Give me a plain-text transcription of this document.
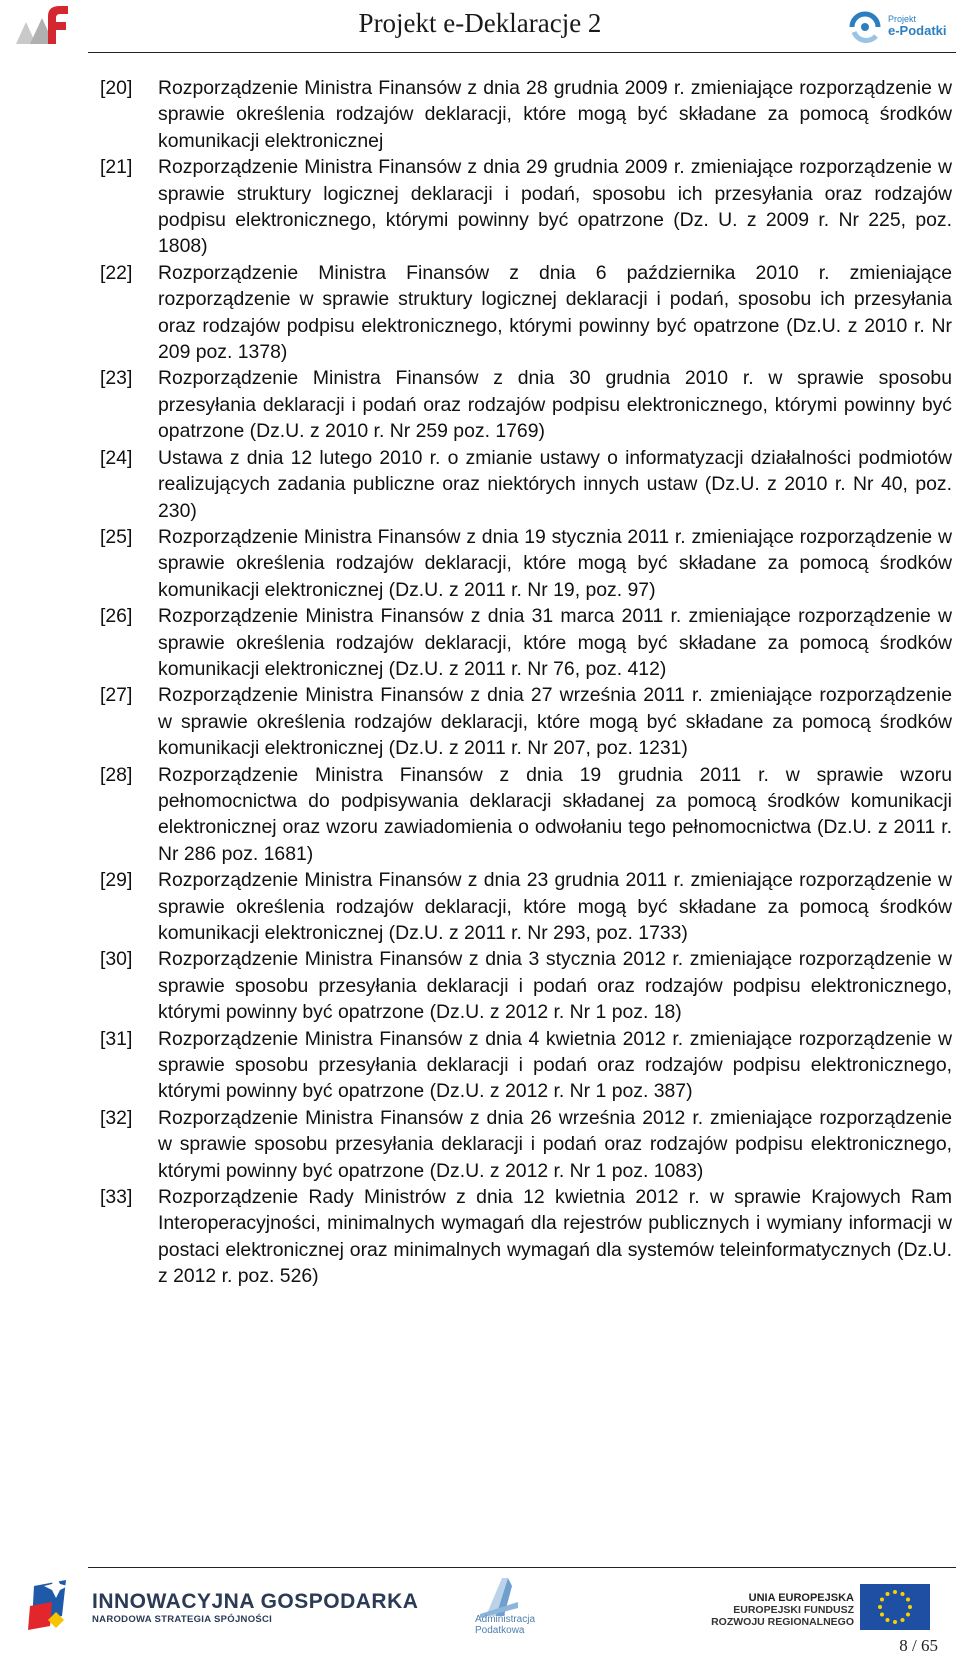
Projekt e-Deklaracje 2	Projekt
e-Podatki
[20]	Rozporządzenie Ministra Finansów z dnia 28 grudnia 2009 r. zmieniające rozporządzenie w sprawie określenia rodzajów deklaracji, które mogą być składane za pomocą środków komunikacji elektronicznej
[21]	Rozporządzenie Ministra Finansów z dnia 29 grudnia 2009 r. zmieniające rozporządzenie w sprawie struktury logicznej deklaracji i podań, sposobu ich przesyłania oraz rodzajów podpisu elektronicznego, którymi powinny być opatrzone (Dz. U. z 2009 r. Nr 225, poz. 1808)
[22]	Rozporządzenie Ministra Finansów z dnia 6 października 2010 r. zmieniające rozporządzenie w sprawie struktury logicznej deklaracji i podań, sposobu ich przesyłania oraz rodzajów podpisu elektronicznego, którymi powinny być opatrzone (Dz.U. z 2010 r. Nr 209 poz. 1378)
[23]	Rozporządzenie Ministra Finansów z dnia 30 grudnia 2010 r. w sprawie sposobu przesyłania deklaracji i podań oraz rodzajów podpisu elektronicznego, którymi powinny być opatrzone (Dz.U. z 2010 r. Nr 259 poz. 1769)
[24]	Ustawa z dnia 12 lutego 2010 r. o zmianie ustawy o informatyzacji działalności podmiotów realizujących zadania publiczne oraz niektórych innych ustaw (Dz.U. z 2010 r. Nr 40, poz. 230)
[25]	Rozporządzenie Ministra Finansów z dnia 19 stycznia 2011 r. zmieniające rozporządzenie w sprawie określenia rodzajów deklaracji, które mogą być składane za pomocą środków komunikacji elektronicznej (Dz.U. z 2011 r. Nr 19, poz. 97)
[26]	Rozporządzenie Ministra Finansów z dnia 31 marca 2011 r. zmieniające rozporządzenie w sprawie określenia rodzajów deklaracji, które mogą być składane za pomocą środków komunikacji elektronicznej (Dz.U. z 2011 r. Nr 76, poz. 412)
[27]	Rozporządzenie Ministra Finansów z dnia 27 września 2011 r. zmieniające rozporządzenie w sprawie określenia rodzajów deklaracji, które mogą być składane za pomocą środków komunikacji elektronicznej (Dz.U. z 2011 r. Nr 207, poz. 1231)
[28]	Rozporządzenie Ministra Finansów z dnia 19 grudnia 2011 r. w sprawie wzoru pełnomocnictwa do podpisywania deklaracji składanej za pomocą środków komunikacji elektronicznej oraz wzoru zawiadomienia o odwołaniu tego pełnomocnictwa (Dz.U. z 2011 r. Nr 286 poz. 1681)
[29]	Rozporządzenie Ministra Finansów z dnia 23 grudnia 2011 r. zmieniające rozporządzenie w sprawie określenia rodzajów deklaracji, które mogą być składane za pomocą środków komunikacji elektronicznej (Dz.U. z 2011 r. Nr 293, poz. 1733)
[30]	Rozporządzenie Ministra Finansów z dnia 3 stycznia 2012 r. zmieniające rozporządzenie w sprawie sposobu przesyłania deklaracji i podań oraz rodzajów podpisu elektronicznego, którymi powinny być opatrzone (Dz.U. z 2012 r. Nr 1 poz. 18)
[31]	Rozporządzenie Ministra Finansów z dnia 4 kwietnia 2012 r. zmieniające rozporządzenie w sprawie sposobu przesyłania deklaracji i podań oraz rodzajów podpisu elektronicznego, którymi powinny być opatrzone (Dz.U. z 2012 r. Nr 1 poz. 387)
[32]	Rozporządzenie Ministra Finansów z dnia 26 września 2012 r. zmieniające rozporządzenie w sprawie sposobu przesyłania deklaracji i podań oraz rodzajów podpisu elektronicznego, którymi powinny być opatrzone (Dz.U. z 2012 r. Nr 1 poz. 1083)
[33]	Rozporządzenie Rady Ministrów z dnia 12 kwietnia 2012 r. w sprawie Krajowych Ram Interoperacyjności, minimalnych wymagań dla rejestrów publicznych i wymiany informacji w postaci elektronicznej oraz minimalnych wymagań dla systemów teleinformatycznych (Dz.U. z 2012 r. poz. 526)
INNOWACYJNA GOSPODARKA
NARODOWA STRATEGIA SPÓJNOŚCI	Administracja
Podatkowa
UNIA EUROPEJSKA
EUROPEJSKI FUNDUSZ
ROZWOJU REGIONALNEGO
8 / 65
